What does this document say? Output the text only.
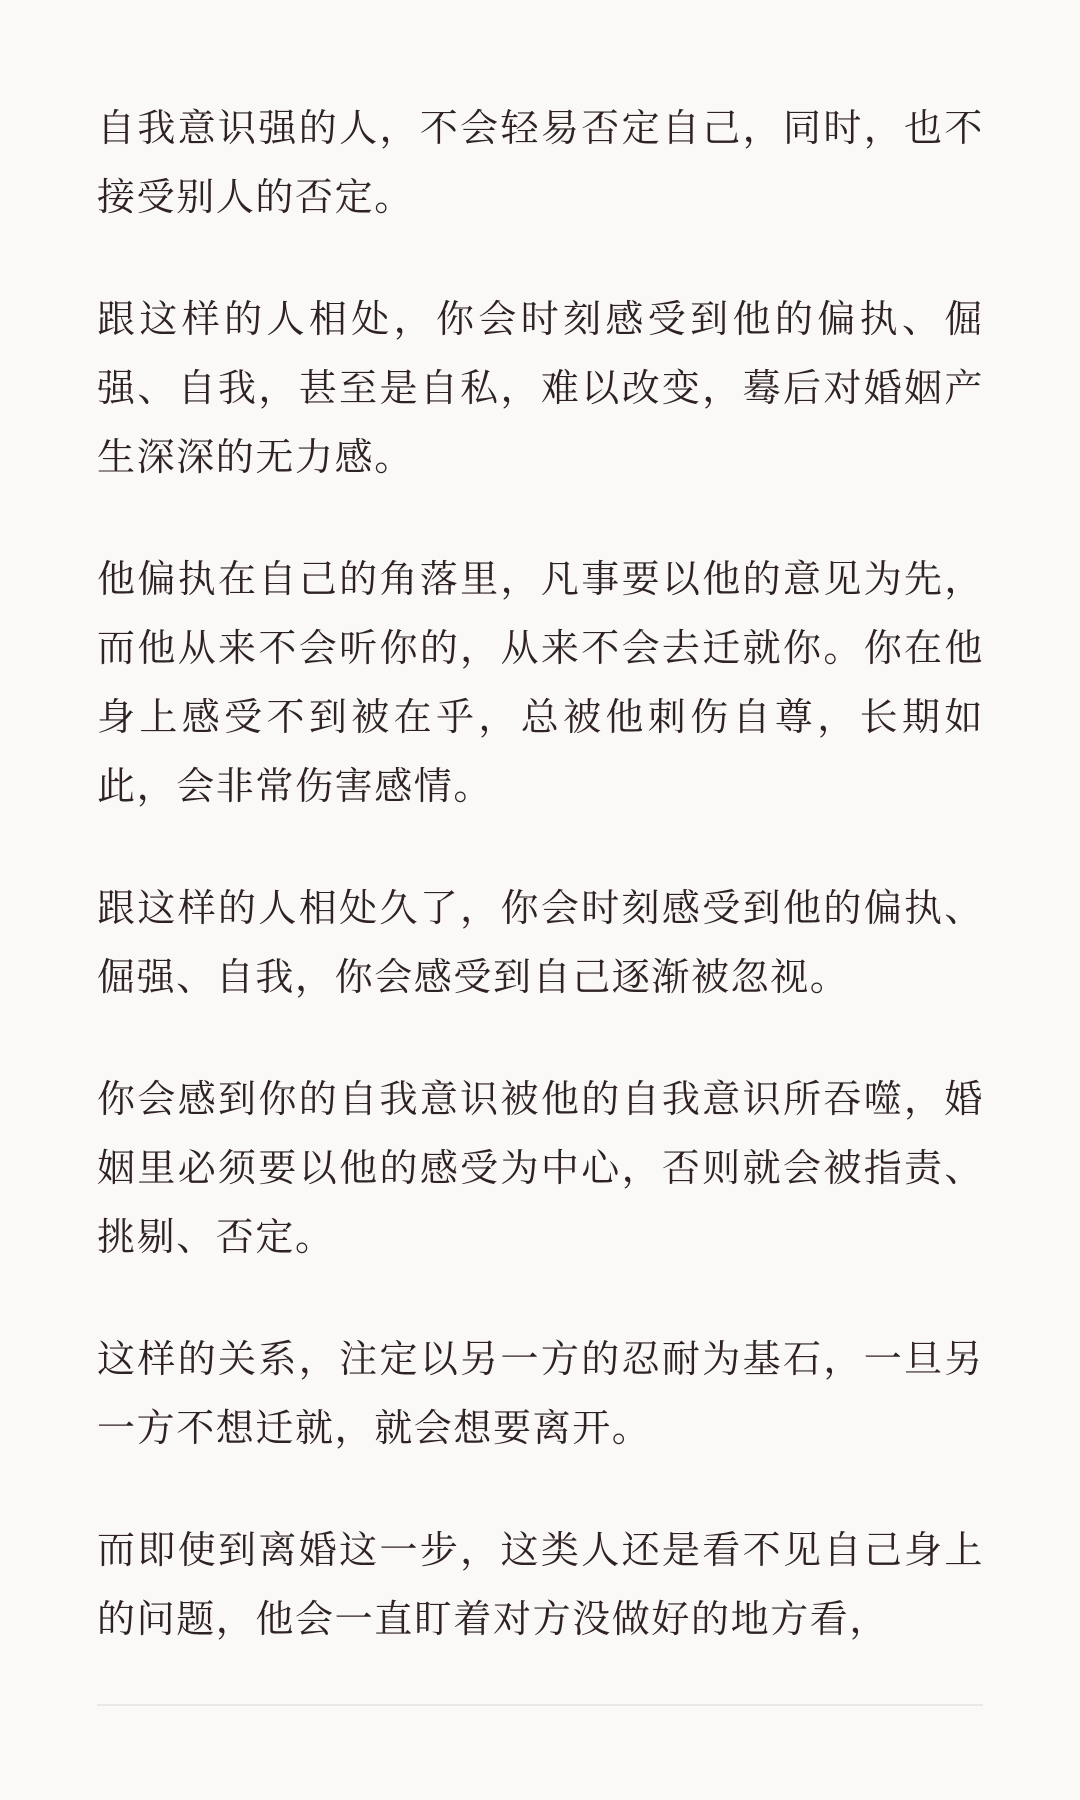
自我意识强的人，不会轻易否定自己，同时，也不接受别人的否定。

跟这样的人相处，你会时刻感受到他的偏执、倔强、自我，甚至是自私，难以改变，蓦后对婚姻产生深深的无力感。

他偏执在自己的角落里，凡事要以他的意见为先，而他从来不会听你的，从来不会去迁就你。你在他身上感受不到被在乎，总被他刺伤自尊，长期如此，会非常伤害感情。

跟这样的人相处久了，你会时刻感受到他的偏执、倔强、自我，你会感受到自己逐渐被忽视。

你会感到你的自我意识被他的自我意识所吞噬，婚姻里必须要以他的感受为中心，否则就会被指责、挑剔、否定。

这样的关系，注定以另一方的忍耐为基石，一旦另一方不想迁就，就会想要离开。

而即使到离婚这一步，这类人还是看不见自己身上的问题，他会一直盯着对方没做好的地方看，
